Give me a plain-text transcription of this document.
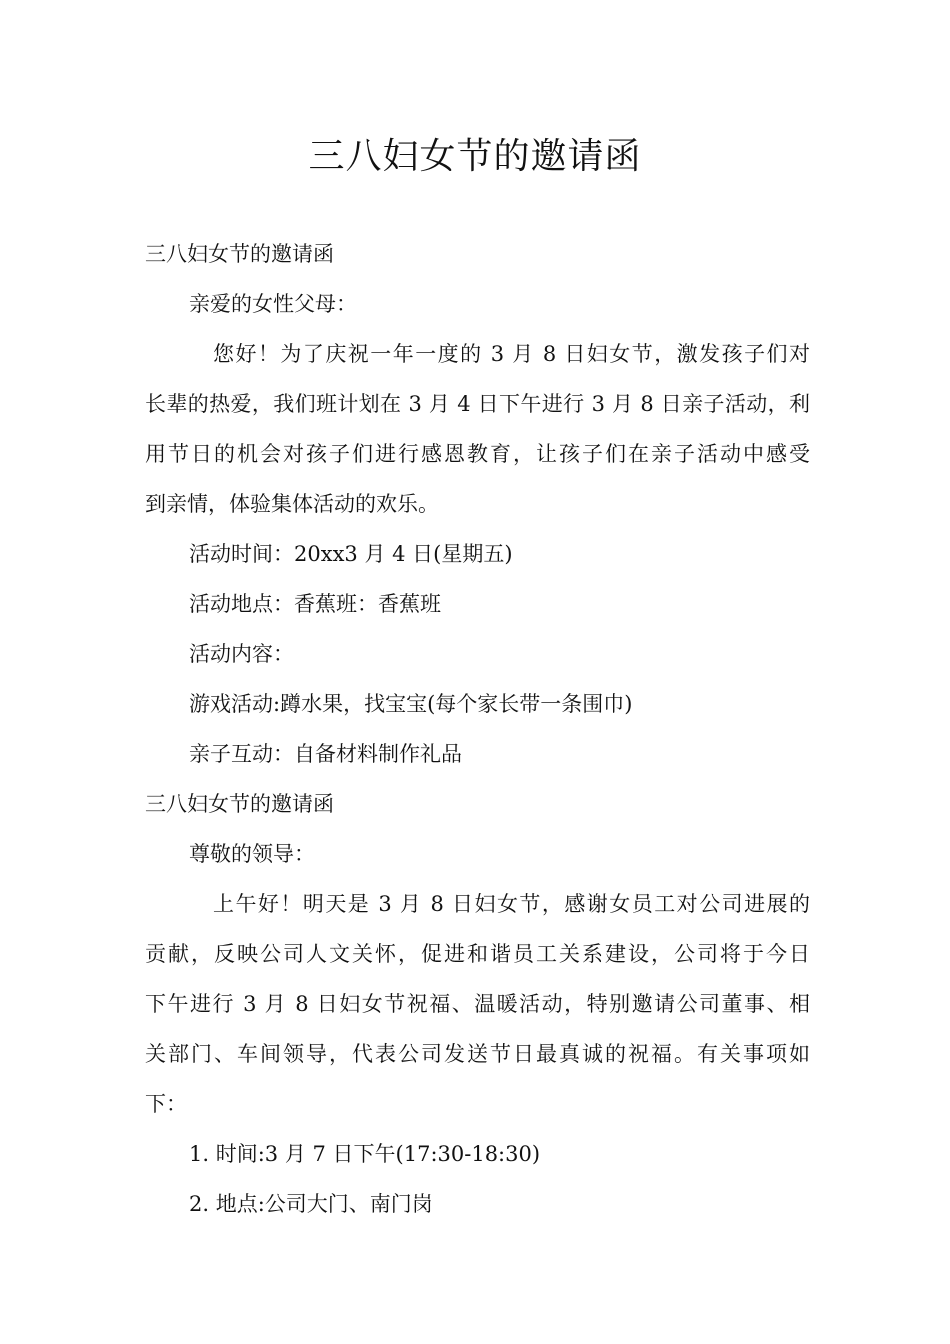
三八妇女节的邀请函
三八妇女节的邀请函
亲爱的女性父母：
您好！为了庆祝一年一度的 3 月 8 日妇女节，激发孩子们对
长辈的热爱，我们班计划在 3 月 4 日下午进行 3 月 8 日亲子活动，利
用节日的机会对孩子们进行感恩教育，让孩子们在亲子活动中感受
到亲情，体验集体活动的欢乐。
活动时间：20xx3 月 4 日(星期五)
活动地点：香蕉班：香蕉班
活动内容：
游戏活动:蹲水果，找宝宝(每个家长带一条围巾)
亲子互动：自备材料制作礼品
三八妇女节的邀请函
尊敬的领导：
上午好！明天是 3 月 8 日妇女节，感谢女员工对公司进展的
贡献，反映公司人文关怀，促进和谐员工关系建设，公司将于今日
下午进行 3 月 8 日妇女节祝福、温暖活动，特别邀请公司董事、相
关部门、车间领导，代表公司发送节日最真诚的祝福。有关事项如
下：
1. 时间:3 月 7 日下午(17:30-18:30)
2. 地点:公司大门、南门岗
